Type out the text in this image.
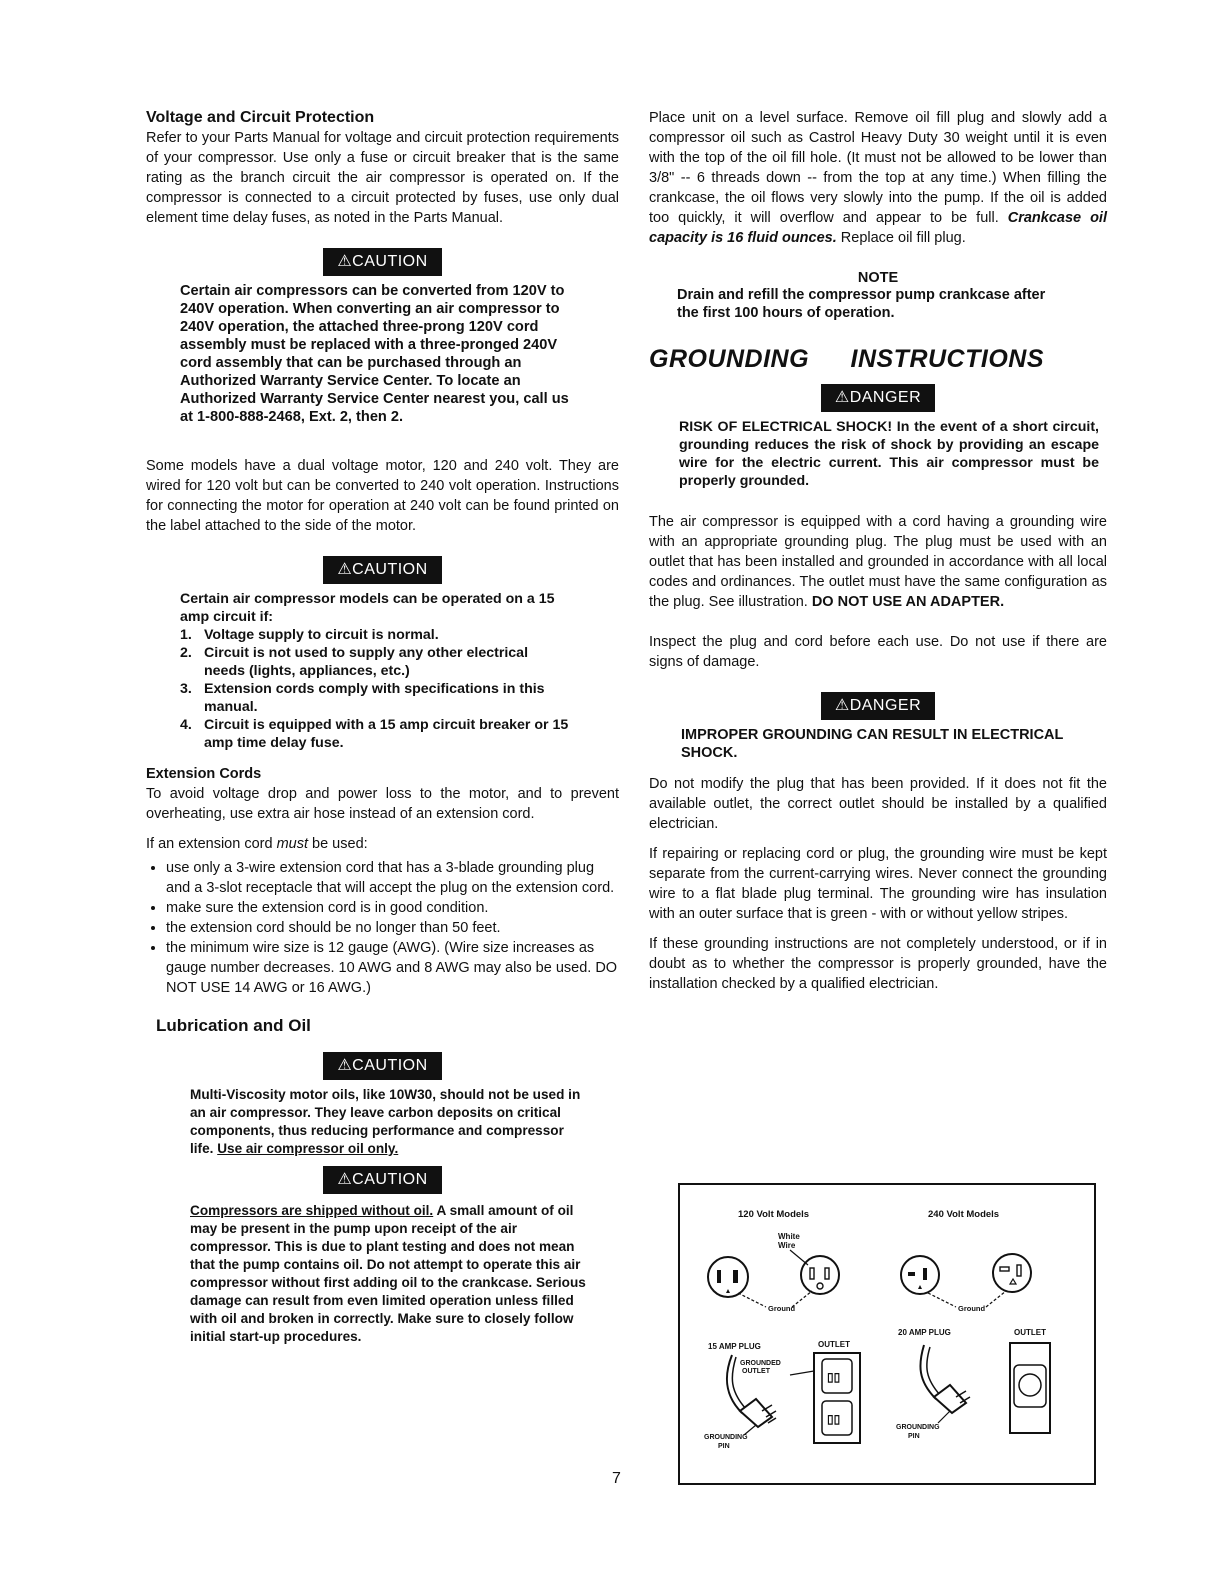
Voltage and Circuit Protection

Refer to your Parts Manual for voltage and circuit protection requirements of your compressor. Use only a fuse or circuit breaker that is the same rating as the branch circuit the air compressor is operated on. If the compressor is connected to a circuit protected by fuses, use only dual element time delay fuses, as noted in the Parts Manual.

⚠CAUTION

Certain air compressors can be converted from 120V to 240V operation. When converting an air compressor to 240V operation, the attached three-prong 120V cord assembly must be replaced with a three-pronged 240V cord assembly that can be purchased through an Authorized Warranty Service Center. To locate an Authorized Warranty Service Center nearest you, call us at 1-800-888-2468, Ext. 2, then 2.

Some models have a dual voltage motor, 120 and 240 volt. They are wired for 120 volt but can be converted to 240 volt operation. Instructions for connecting the motor for operation at 240 volt can be found printed on the label attached to the side of the motor.

⚠CAUTION

Certain air compressor models can be operated on a 15 amp circuit if:

1. Voltage supply to circuit is normal.
2. Circuit is not used to supply any other electrical needs (lights, appliances, etc.)
3. Extension cords comply with specifications in this manual.
4. Circuit is equipped with a 15 amp circuit breaker or 15 amp time delay fuse.
Extension Cords

To avoid voltage drop and power loss to the motor, and to prevent overheating, use extra air hose instead of an extension cord.

If an extension cord must be used:

• use only a 3-wire extension cord that has a 3-blade grounding plug and a 3-slot receptacle that will accept the plug on the extension cord.
• make sure the extension cord is in good condition.
• the extension cord should be no longer than 50 feet.
• the minimum wire size is 12 gauge (AWG). (Wire size increases as gauge number decreases. 10 AWG and 8 AWG may also be used. DO NOT USE 14 AWG or 16 AWG.)
Lubrication and Oil
⚠CAUTION

Multi-Viscosity motor oils, like 10W30, should not be used in an air compressor. They leave carbon deposits on critical components, thus reducing performance and compressor life. Use air compressor oil only.

⚠CAUTION

Compressors are shipped without oil. A small amount of oil may be present in the pump upon receipt of the air compressor. This is due to plant testing and does not mean that the pump contains oil. Do not attempt to operate this air compressor without first adding oil to the crankcase. Serious damage can result from even limited operation unless filled with oil and broken in correctly. Make sure to closely follow initial start-up procedures.

Place unit on a level surface. Remove oil fill plug and slowly add a compressor oil such as Castrol Heavy Duty 30 weight until it is even with the top of the oil fill hole. (It must not be allowed to be lower than 3/8" -- 6 threads down -- from the top at any time.) When filling the crankcase, the oil flows very slowly into the pump. If the oil is added too quickly, it will overflow and appear to be full. Crankcase oil capacity is 16 fluid ounces. Replace oil fill plug.

NOTE

Drain and refill the compressor pump crankcase after the first 100 hours of operation.

GROUNDING INSTRUCTIONS
⚠DANGER

RISK OF ELECTRICAL SHOCK! In the event of a short circuit, grounding reduces the risk of shock by providing an escape wire for the electric current. This air compressor must be properly grounded.

The air compressor is equipped with a cord having a grounding wire with an appropriate grounding plug. The plug must be used with an outlet that has been installed and grounded in accordance with all local codes and ordinances. The outlet must have the same configuration as the plug. See illustration. DO NOT USE AN ADAPTER.

Inspect the plug and cord before each use. Do not use if there are signs of damage.

⚠DANGER

IMPROPER GROUNDING CAN RESULT IN ELECTRICAL SHOCK.

Do not modify the plug that has been provided. If it does not fit the available outlet, the correct outlet should be installed by a qualified electrician.

If repairing or replacing cord or plug, the grounding wire must be kept separate from the current-carrying wires. Never connect the grounding wire to a flat blade plug terminal. The grounding wire has insulation with an outer surface that is green - with or without yellow stripes.

If these grounding instructions are not completely understood, or if in doubt as to whether the compressor is properly grounded, have the installation checked by a qualified electrician.

120 Volt Models	240 Volt Models
White
Wire
Ground	Ground
15 AMP PLUG	OUTLET
GROUNDED
OUTLET	▯▯
▯▯
GROUNDING
PIN
20 AMP PLUG	OUTLET
GROUNDING
PIN
7
